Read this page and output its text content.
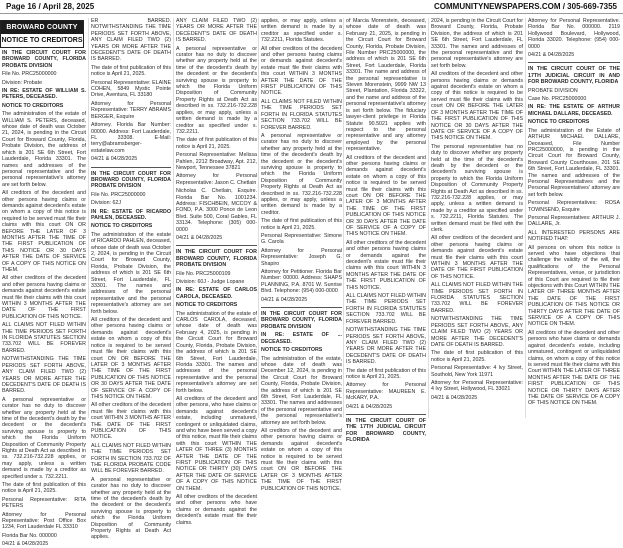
Page 16 / April 28, 2025	COMMUNITYNEWSPAPERS.COM / 305-669-7355
BROWARD COUNTY
NOTICE TO CREDITORS

IN THE CIRCUIT COURT FOR BROWARD COUNTY, FLORIDA PROBATE DIVISION

File No. PRC25000000

Division: Probate

IN RE: ESTATE OF WILLIAM S. PETERS, DECEASED.

NOTICE TO CREDITORS

The administration of the estate of WILLIAM S. PETERS, deceased, whose date of death was October 21, 2024, is pending in the Circuit Court for Broward County, Florida, Probate Division, the address of which is 201 SE 6th Street, Fort Lauderdale, Florida 33301. The names and addresses of the personal representative and the personal representative's attorney are set forth below.

All creditors of the decedent and other persons having claims or demands against decedent's estate on whom a copy of this notice is required to be served must file their claims with this court ON OR BEFORE THE LATER OF 3 MONTHS AFTER THE TIME OF THE FIRST PUBLICATION OF THIS NOTICE OR 30 DAYS AFTER THE DATE OF SERVICE OF A COPY OF THIS NOTICE ON THEM.

All other creditors of the decedent and other persons having claims or demands against decedent's estate must file their claims with this court WITHIN 3 MONTHS AFTER THE DATE OF THE FIRST PUBLICATION OF THIS NOTICE.

ALL CLAIMS NOT FILED WITHIN THE TIME PERIODS SET FORTH IN FLORIDA STATUTES SECTION 733.702 WILL BE FOREVER BARRED.

NOTWITHSTANDING THE TIME PERIODS SET FORTH ABOVE, ANY CLAIM FILED TWO (2) YEARS OR MORE AFTER THE DECEDENT'S DATE OF DEATH IS BARRED.

A personal representative or curator has no duty to discover whether any property held at the time of the decedent's death by the decedent or the decedent's surviving spouse is property to which the Florida Uniform Disposition of Community Property Rights at Death Act as described in ss. 732.216-732.228 applies, or may apply, unless a written demand is made by a creditor as specified under s. 732.2211.

The date of first publication of this notice is April 21, 2025.

Personal Representative: RITA PETERS

Attorney for Personal Representative: Post Office Box 1234, Fort Lauderdale FL 33310

Florida Bar No. 000000

04/21 & 04/28/2025

ER BARRED. NOTWITHSTANDING THE TIME PERIODS SET FORTH ABOVE, ANY CLAIM FILED TWO (2) YEARS OR MORE AFTER THE DECEDENT'S DATE OF DEATH IS BARRED.

The date of first publication of this notice is April 21, 2025.

Personal Representative: ELAINE COHEN, 5849 Mystic Pointe Drive, Aventura, FL 33180

Attorney for Personal Representative: TERRY ABRAMS BERGER, Esquire

Attorney. Florida Bar Number: 00000. Address: Fort Lauderdale, FL 33308. E-Mail: terry@abramsberger-estatelaw.com

04/21 & 04/28/2025

IN THE CIRCUIT COURT FOR BROWARD COUNTY, FLORIDA PROBATE DIVISION

File No. PRC25000000

Division: 62J

IN RE: ESTATE OF RICARDO PAHLEN, DECEASED.

NOTICE TO CREDITORS

The administration of the estate of RICARDO PAHLEN, deceased, whose date of death was October 2, 2024, is pending in the Circuit Court for Broward County, Florida, Probate Division, the address of which is 201 SE 6th Street, Fort Lauderdale, FL 33301. The names and addresses of the personal representative and the personal representative's attorney are set forth below.

All creditors of the decedent and other persons having claims or demands against decedent's estate on whom a copy of this notice is required to be served must file their claims with this court ON OR BEFORE THE LATER OF 3 MONTHS AFTER THE TIME OF THE FIRST PUBLICATION OF THIS NOTICE OR 30 DAYS AFTER THE DATE OF SERVICE OF A COPY OF THIS NOTICE ON THEM.

All other creditors of the decedent must file their claims with this court WITHIN 3 MONTHS AFTER THE DATE OF THE FIRST PUBLICATION OF THIS NOTICE.

ALL CLAIMS NOT FILED WITHIN THE TIME PERIODS SET FORTH IN SECTION 733.702 OF THE FLORIDA PROBATE CODE WILL BE FOREVER BARRED.

A personal representative or curator has no duty to discover whether any property held at the time of the decedent's death by the decedent or the decedent's surviving spouse is property to which the Florida Uniform Disposition of Community Property Rights at Death Act applies.

ANY CLAIM FILED TWO (2) YEARS OR MORE AFTER THE DECEDENT'S DATE OF DEATH IS BARRED.

A personal representative or curator has no duty to discover whether any property held at the time of the decedent's death by the decedent or the decedent's surviving spouse is property to which the Florida Uniform Disposition of Community Property Rights at Death Act as described in ss. 732.216-732.228 applies, or may apply, unless a written demand is made by a creditor as specified under s. 732.2211.

The date of first publication of this notice is April 21, 2025.

Personal Representative: Melissa Pahlen, 2212 Broadway, Apt. 212, Newport, Tennessee 37821

Attorney for Personal Representative: Jason C. Chetlain

Nicholas C. Chetlain, Esquire. Florida Bar No. 1001234. Address: FISCHBEIN, MCCOY & FOND, P.A. 3000 Ponce de Leon Blvd. Suite 500, Coral Gables, FL 33134. Telephone: (305) 000-0000

04/21 & 04/28/2025

IN THE CIRCUIT COURT FOR BROWARD COUNTY, FLORIDA PROBATE DIVISION

File No. PRC25000109

Division: 60J - Judge Lopane

IN RE: ESTATE OF CARLOS CAROLA, DECEASED.

NOTICE TO CREDITORS

The administration of the estate of CARLOS CAROLA, deceased, whose date of death was February 4, 2025, is pending in the Circuit Court for Broward County, Florida, Probate Division, the address of which is 201 SE 6th Street, Fort Lauderdale, Florida 33301. The names and addresses of the personal representative and the personal representative's attorney are set forth below.

All creditors of the decedent and other persons, who have claims or demands against decedent's estate, including unmatured, contingent or unliquidated claims, and who have been served a copy of this notice, must file their claims with this court WITHIN THE LATER OF THREE (3) MONTHS AFTER THE DATE OF THE FIRST PUBLICATION OF THIS NOTICE OR THIRTY (30) DAYS AFTER THE DATE OF SERVICE OF A COPY OF THIS NOTICE ON THEM.

All other creditors of the decedent and other persons who have claims or demands against the decedent's estate must file their claims.

applies, or may apply, unless a written demand is made by a creditor as specified under s. 732.2211, Florida Statutes.

All other creditors of the decedent and other persons having claims or demands against decedent's estate must file their claims with this court WITHIN 3 MONTHS AFTER THE DATE OF THE FIRST PUBLICATION OF THIS NOTICE.

ALL CLAIMS NOT FILED WITHIN THE TIME PERIODS SET FORTH IN FLORIDA STATUTES SECTION 733.702 WILL BE FOREVER BARRED.

A personal representative or curator has no duty to discover whether any property held at the time of the decedent's death by the decedent or the decedent's surviving spouse is property to which the Florida Uniform Disposition of Community Property Rights at Death Act as described in ss. 732.216-732.228 applies, or may apply, unless a written demand is made by a creditor.

The date of first publication of this notice is April 21, 2025.

Personal Representative: Simone G. Carola

Attorney for Personal Representative: Joseph G. Shapiro

Attorney for Petitioner. Florida Bar Number: 00000. Address: SHAPS PLANNING, P.A. 8701 W. Sunrise Blvd. Telephone: (954) 000-0000

04/21 & 04/28/2025

IN THE CIRCUIT COURT FOR BROWARD COUNTY, FLORIDA PROBATE DIVISION

IN RE: ESTATE OF ... DECEASED.

NOTICE TO CREDITORS

The administration of the estate, whose date of death was December 12, 2024, is pending in the Circuit Court for Broward County, Florida, Probate Division, the address of which is 201 SE 6th Street, Fort Lauderdale, FL 33301. The names and addresses of the personal representative and the personal representative's attorney are set forth below.

All creditors of the decedent and other persons having claims or demands against decedent's estate on whom a copy of this notice is required to be served must file their claims with this court ON OR BEFORE THE LATER OF 3 MONTHS AFTER THE TIME OF THE FIRST PUBLICATION OF THIS NOTICE.

of Marcia Morenstein, deceased, whose date of death was February 21, 2025, is pending in the Circuit Court for Broward County, Florida, Probate Division, File Number PRC25000000, the address of which is 201 SE 6th Street, Fort Lauderdale, Florida 33301. The name and address of the personal representative is Steven Morenstein, 9999 NW 13 Street, Plantation, Florida 33322, and the name and address of the personal representative's attorney is set forth below. The fiduciary lawyer-client privilege in Florida Statute 90.5021 applies with respect to the personal representative and any attorney employed by the personal representative.

All creditors of the decedent and other persons having claims or demands against decedent's estate on whom a copy of this notice is required to be served must file their claims with this court ON OR BEFORE THE LATER OF 3 MONTHS AFTER THE TIME OF THE FIRST PUBLICATION OF THIS NOTICE OR 30 DAYS AFTER THE DATE OF SERVICE OF A COPY OF THIS NOTICE ON THEM.

All other creditors of the decedent and other persons having claims or demands against the decedent's estate must file their claims with this court WITHIN 3 MONTHS AFTER THE DATE OF THE FIRST PUBLICATION OF THIS NOTICE.

ALL CLAIMS NOT FILED WITHIN THE TIME PERIODS SET FORTH IN FLORIDA STATUTES SECTION 733.702 WILL BE FOREVER BARRED.

NOTWITHSTANDING THE TIME PERIODS SET FORTH ABOVE, ANY CLAIM FILED TWO (2) YEARS OR MORE AFTER THE DECEDENT'S DATE OF DEATH IS BARRED.

The date of first publication of this notice is April 21, 2025.

Attorney for Personal Representative: MAUREEN E. McKARY, P.A.

04/21 & 04/28/2025

IN THE CIRCUIT COURT OF THE 17TH JUDICIAL CIRCUIT FOR BROWARD COUNTY, FLORIDA

2024, is pending in the Circuit Court for Broward County, Florida, Probate Division, the address of which is 201 SE 6th Street, Fort Lauderdale, FL 33301. The names and addresses of the personal representative and the personal representative's attorney are set forth below.

All creditors of the decedent and other persons having claims or demands against decedent's estate on whom a copy of this notice is required to be served must file their claims with this court ON OR BEFORE THE LATER OF 3 MONTHS AFTER THE TIME OF THE FIRST PUBLICATION OF THIS NOTICE OR 30 DAYS AFTER THE DATE OF SERVICE OF A COPY OF THIS NOTICE ON THEM.

The personal representative has no duty to discover whether any property held at the time of the decedent's death by the decedent or the decedent's surviving spouse is property to which the Florida Uniform Disposition of Community Property Rights at Death Act as described in ss. 732.216-732.228 applies, or may apply, unless a written demand is made by a creditor as specified under s. 732.2211, Florida Statutes. The written demand must be filed with the clerk.

All other creditors of the decedent and other persons having claims or demands against decedent's estate must file their claims with this court WITHIN 3 MONTHS AFTER THE DATE OF THE FIRST PUBLICATION OF THIS NOTICE.

ALL CLAIMS NOT FILED WITHIN THE TIME PERIODS SET FORTH IN FLORIDA STATUTES SECTION 733.702 WILL BE FOREVER BARRED.

NOTWITHSTANDING THE TIME PERIODS SET FORTH ABOVE, ANY CLAIM FILED TWO (2) YEARS OR MORE AFTER THE DECEDENT'S DATE OF DEATH IS BARRED.

The date of first publication of this notice is April 21, 2025.

Personal Representative: 4 Ivy Street, Southold, New York 11971

Attorney for Personal Representative: 4 Ivy Street, Hollywood, FL 33021

04/21 & 04/28/2025

Attorney for Personal Representative. Florida Bar No. 000000. 2119 Hollywood Boulevard, Hollywood, Florida 33020. Telephone: (954) 000-0000

04/21 & 04/28/2025

IN THE CIRCUIT COURT OF THE 17TH JUDICIAL CIRCUIT IN AND FOR BROWARD COUNTY, FLORIDA

PROBATE DIVISION

Case No. PRC25000000

IN RE: THE ESTATE OF ARTHUR MICHAEL DALLARE, DECEASED.

NOTICE TO CREDITORS

The administration of the Estate of ARTHUR MICHAEL DALLARE, Deceased, File Number PRC25000000, is pending in the Circuit Court for Broward County, Broward County Courthouse, 201 SE 6th Street, Fort Lauderdale, FL 33301. The names and addresses of the Personal Representatives and the Personal Representatives' attorney are set forth below.

Personal Representatives: ROSA TOWNSEND, Esquire

Personal Representatives: ARTHUR J. DALLARE, Jr.

ALL INTERESTED PERSONS ARE NOTIFIED THAT:

All persons on whom this notice is served who have objections that challenge the validity of the will, the qualifications of the Personal Representatives, venue, or jurisdiction of this Court are required to file their objections with this Court WITHIN THE LATER OF THREE MONTHS AFTER THE DATE OF THE FIRST PUBLICATION OF THIS NOTICE OR THIRTY DAYS AFTER THE DATE OF SERVICE OF A COPY OF THIS NOTICE ON THEM.

All creditors of the decedent and other persons who have claims or demands against decedent's estate, including unmatured, contingent or unliquidated claims, on whom a copy of this notice is served must file their claims with this Court WITHIN THE LATER OF THREE MONTHS AFTER THE DATE OF THE FIRST PUBLICATION OF THIS NOTICE OR THIRTY DAYS AFTER THE DATE OF SERVICE OF A COPY OF THIS NOTICE ON THEM.
